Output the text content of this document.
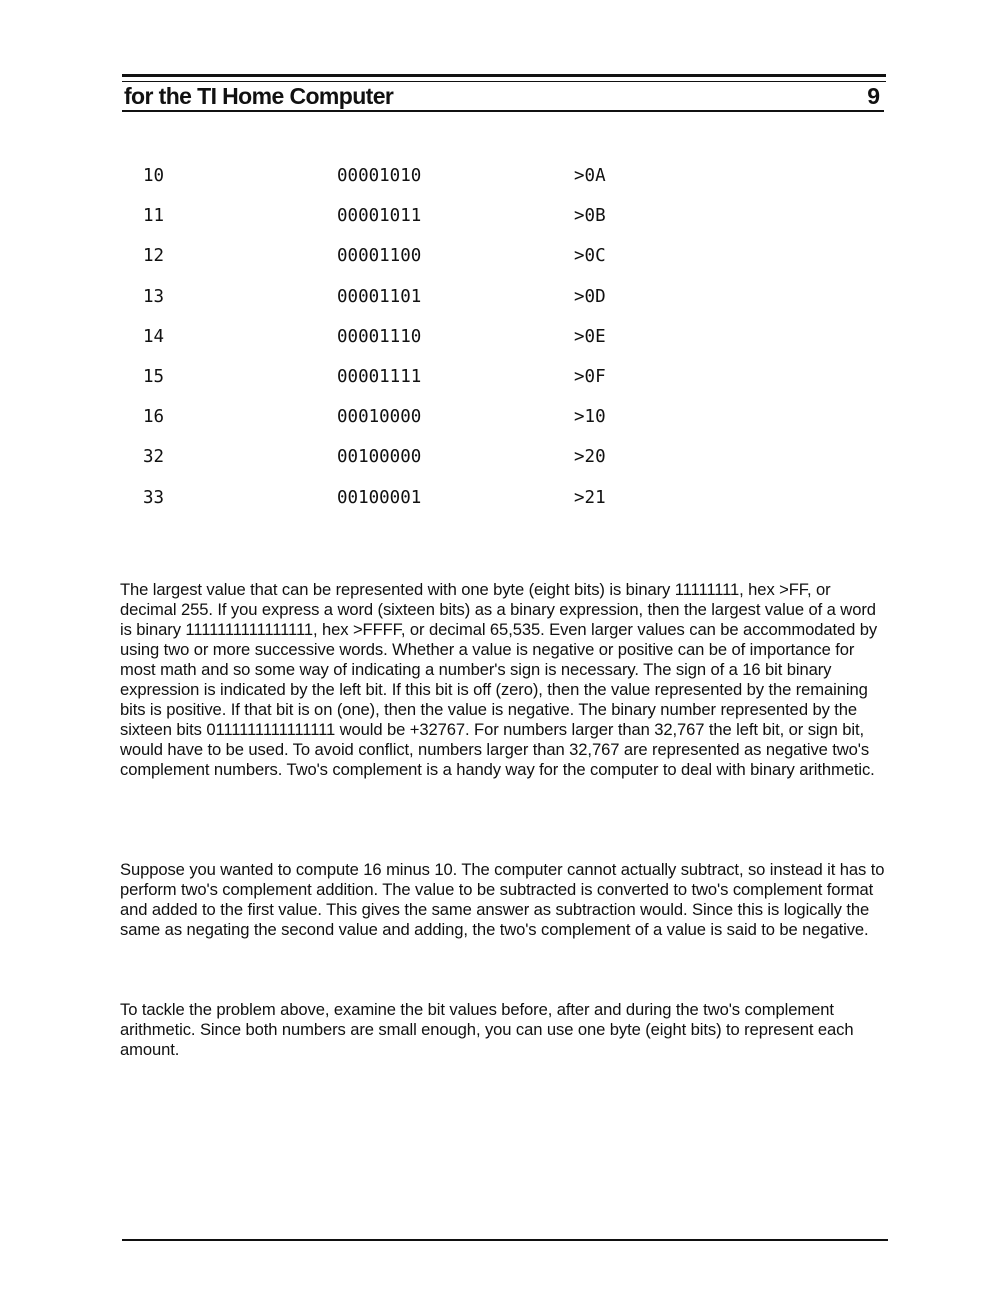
for the TI Home Computer	9
10	00001010	>0A
11	00001011	>0B
12	00001100	>0C
13	00001101	>0D
14	00001110	>0E
15	00001111	>0F
16	00010000	>10
32	00100000	>20
33	00100001	>21

The largest value that can be represented with one byte (eight bits) is binary 11111111, hex >FF, or decimal 255. If you express a word (sixteen bits) as a binary expression, then the largest value of a word is binary 1111111111111111, hex >FFFF, or decimal 65,535. Even larger values can be accommodated by using two or more successive words. Whether a value is negative or positive can be of importance for most math and so some way of indicating a number's sign is necessary. The sign of a 16 bit binary expression is indicated by the left bit. If this bit is off (zero), then the value represented by the remaining bits is positive. If that bit is on (one), then the value is negative. The binary number represented by the sixteen bits 0111111111111111 would be +32767. For numbers larger than 32,767 the left bit, or sign bit, would have to be used. To avoid conflict, numbers larger than 32,767 are represented as negative two's complement numbers. Two's complement is a handy way for the computer to deal with binary arithmetic.

Suppose you wanted to compute 16 minus 10. The computer cannot actually subtract, so instead it has to perform two's complement addition. The value to be subtracted is converted to two's complement format and added to the first value. This gives the same answer as subtraction would. Since this is logically the same as negating the second value and adding, the two's complement of a value is said to be negative.

To tackle the problem above, examine the bit values before, after and during the two's complement arithmetic. Since both numbers are small enough, you can use one byte (eight bits) to represent each amount.
